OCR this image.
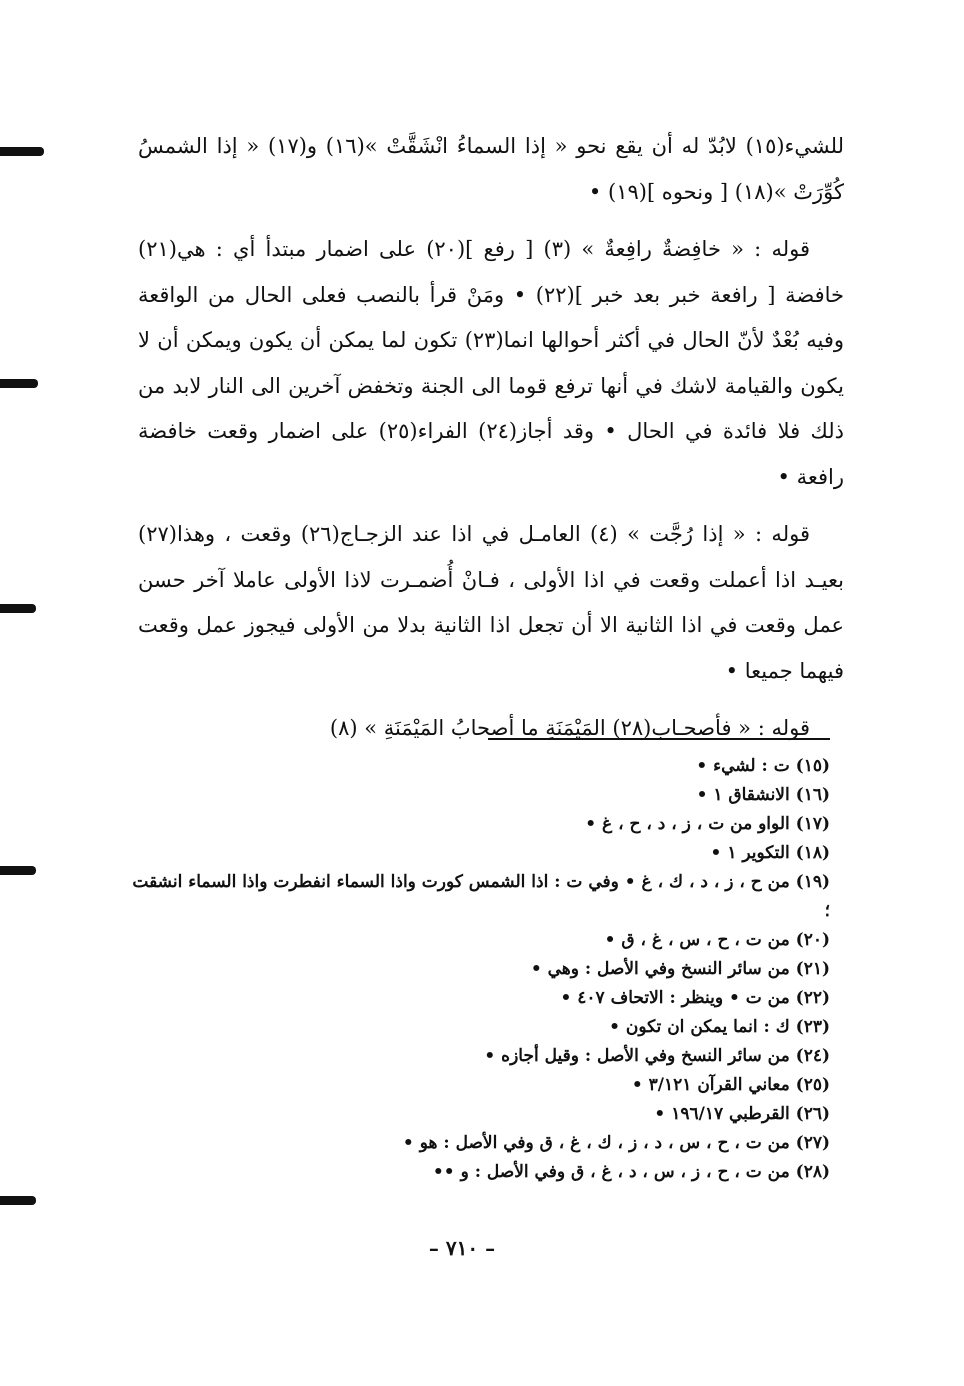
للشيء(١٥) لابُدّ له أن يقع نحو « إذا السماءُ انْشَقَّتْ »(١٦) و(١٧) « إذا الشمسُ كُوِّرَتْ »(١٨) [ ونحوه ](١٩) •

قوله : « خافِضةٌ رافِعةٌ » (٣) [ رفع ](٢٠) على اضمار مبتدأ أي : هي(٢١) خافضة [ رافعة خبر بعد خبر ](٢٢) • ومَنْ قرأ بالنصب فعلى الحال من الواقعة وفيه بُعْدٌ لأنّ الحال في أكثر أحوالها انما(٢٣) تكون لما يمكن أن يكون ويمكن أن لا يكون والقيامة لاشك في أنها ترفع قوما الى الجنة وتخفض آخرين الى النار لابد من ذلك فلا فائدة في الحال • وقد أجاز(٢٤) الفراء(٢٥) على اضمار وقعت خافضة رافعة •

قوله : « إذا رُجَّت » (٤) العامـل في اذا عند الزجـاج(٢٦) وقعت ، وهذا(٢٧) بعيـد اذا أعملت وقعت في اذا الأولى ، فـانْ أُضمـرت لاذا الأولى عاملا آخر حسن عمل وقعت في اذا الثانية الا أن تجعل اذا الثانية بدلا من الأولى فيجوز عمل وقعت فيهما جميعا •

قوله : « فأصحـاب(٢٨) المَيْمَنَةِ ما أصحابُ المَيْمَنَةِ » (٨)

(١٥) ت : لشيء •
(١٦) الانشقاق ١ •
(١٧) الواو من ت ، ز ، د ، ح ، غ •
(١٨) التكوير ١ •
(١٩) من ح ، ز ، د ، ك ، غ • وفي ت : اذا الشمس كورت واذا السماء انفطرت واذا السماء انشقت ؛
(٢٠) من ت ، ح ، س ، غ ، ق •
(٢١) من سائر النسخ وفي الأصل : وهي •
(٢٢) من ت • وينظر : الاتحاف ٤٠٧ •
(٢٣) ك : انما يمكن ان تكون •
(٢٤) من سائر النسخ وفي الأصل : وقيل أجازه •
(٢٥) معاني القرآن ٣/١٢١ •
(٢٦) القرطبي ١٩٦/١٧ •
(٢٧) من ت ، ح ، س ، د ، ز ، ك ، غ ، ق وفي الأصل : هو •
(٢٨) من ت ، ح ، ز ، س ، د ، غ ، ق وفي الأصل : و ••
– ٧١٠ –
